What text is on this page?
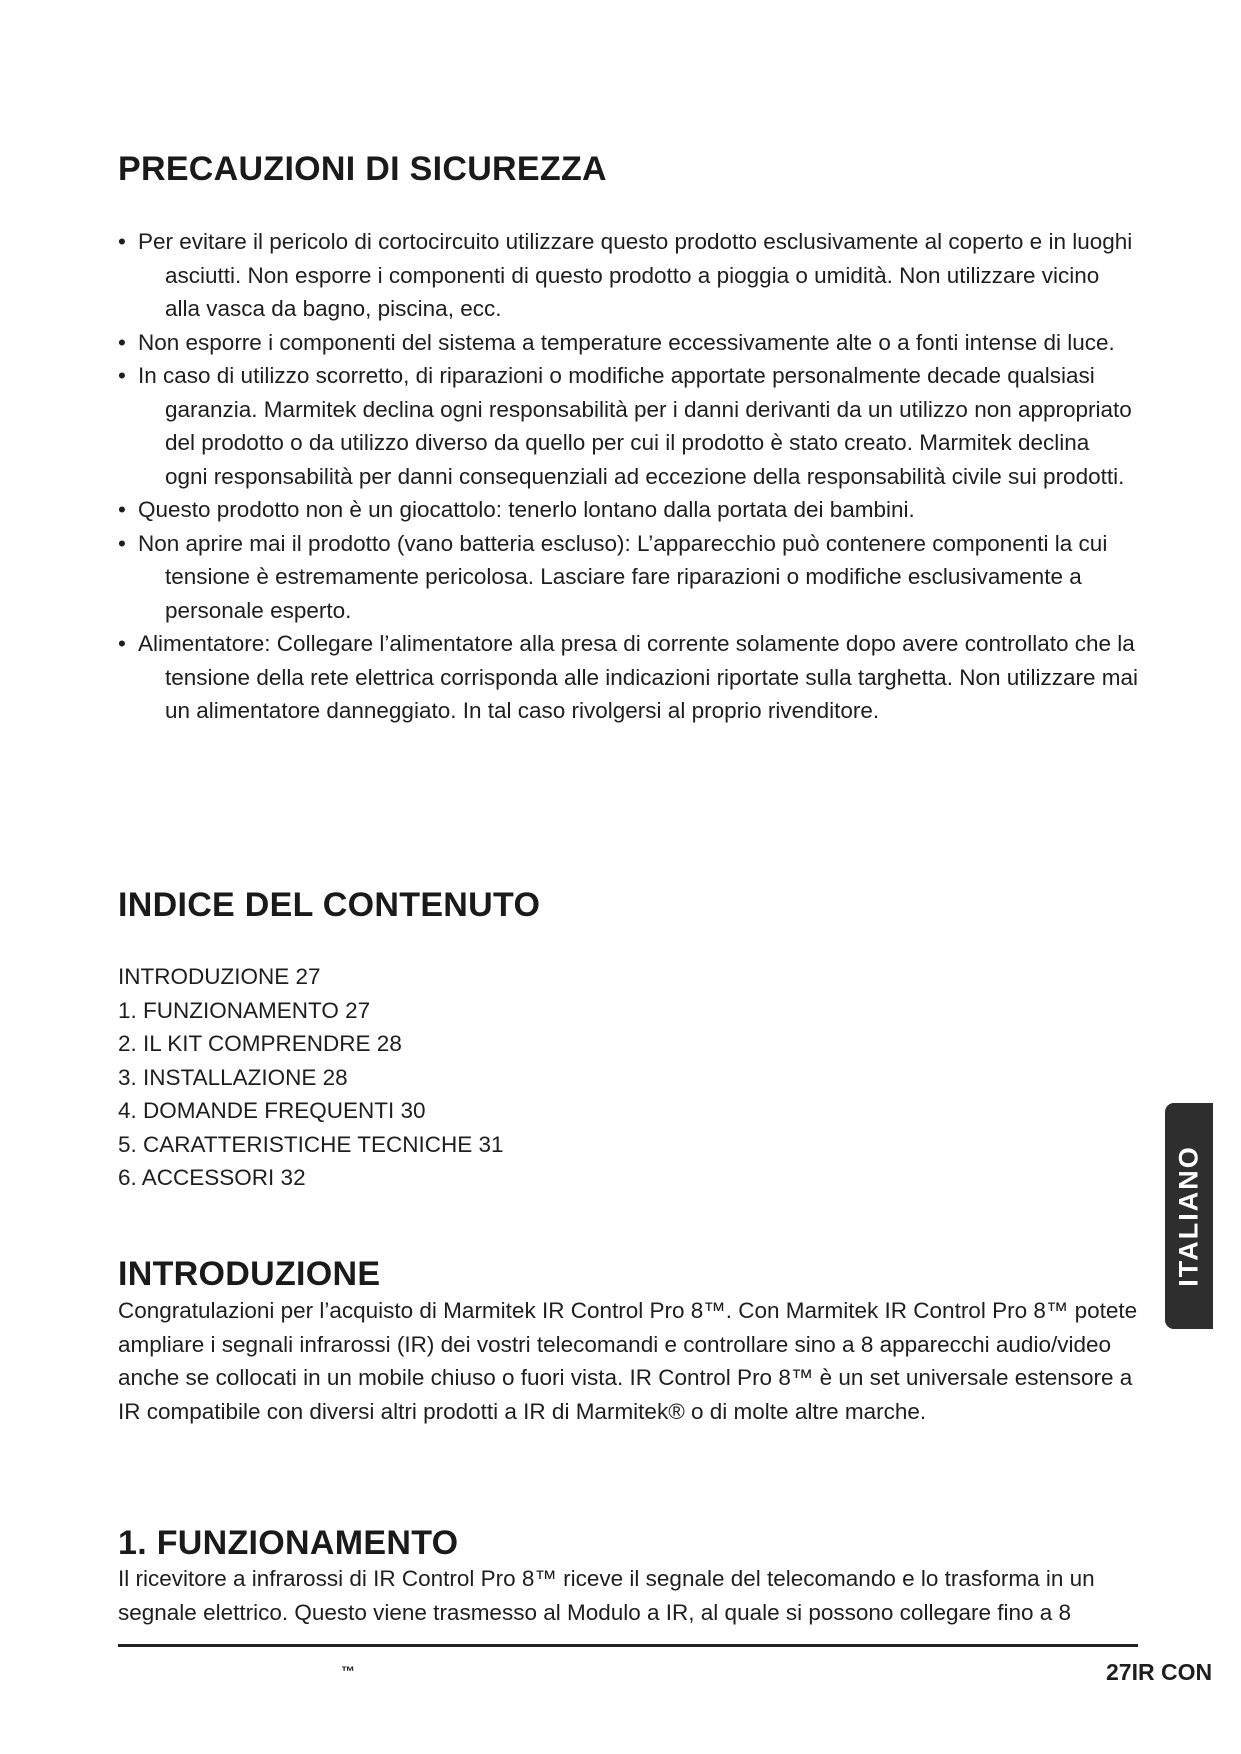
PRECAUZIONI DI SICUREZZA
• Per evitare il pericolo di cortocircuito utilizzare questo prodotto esclusivamente al coperto e in luoghi asciutti. Non esporre i componenti di questo prodotto a pioggia o umidità. Non utilizzare vicino alla vasca da bagno, piscina, ecc.
• Non esporre i componenti del sistema a temperature eccessivamente alte o a fonti intense di luce.
• In caso di utilizzo scorretto, di riparazioni o modifiche apportate personalmente decade qualsiasi garanzia. Marmitek declina ogni responsabilità per i danni derivanti da un utilizzo non appropriato del prodotto o da utilizzo diverso da quello per cui il prodotto è stato creato. Marmitek declina ogni responsabilità per danni consequenziali ad eccezione della responsabilità civile sui prodotti.
• Questo prodotto non è un giocattolo: tenerlo lontano dalla portata dei bambini.
• Non aprire mai il prodotto (vano batteria escluso): L’apparecchio può contenere componenti la cui tensione è estremamente pericolosa. Lasciare fare riparazioni o modifiche esclusivamente a personale esperto.
• Alimentatore: Collegare l’alimentatore alla presa di corrente solamente dopo avere controllato che la tensione della rete elettrica corrisponda alle indicazioni riportate sulla targhetta. Non utilizzare mai un alimentatore danneggiato. In tal caso rivolgersi al proprio rivenditore.
INDICE DEL CONTENUTO
INTRODUZIONE 27
1. FUNZIONAMENTO 27
2. IL KIT COMPRENDRE 28
3. INSTALLAZIONE 28
4. DOMANDE FREQUENTI 30
5. CARATTERISTICHE TECNICHE 31
6. ACCESSORI 32
INTRODUZIONE

Congratulazioni per l’acquisto di Marmitek IR Control Pro 8™. Con Marmitek IR Control Pro 8™ potete ampliare i segnali infrarossi (IR) dei vostri telecomandi e controllare sino a 8 apparecchi audio/video anche se collocati in un mobile chiuso o fuori vista. IR Control Pro 8™ è un set universale estensore a IR compatibile con diversi altri prodotti a IR di Marmitek® o di molte altre marche.

1. FUNZIONAMENTO

Il ricevitore a infrarossi di IR Control Pro 8™ riceve il segnale del telecomando e lo trasforma in un segnale elettrico. Questo viene trasmesso al Modulo a IR, al quale si possono collegare fino a 8

™	27IR CON
ITALIANO
